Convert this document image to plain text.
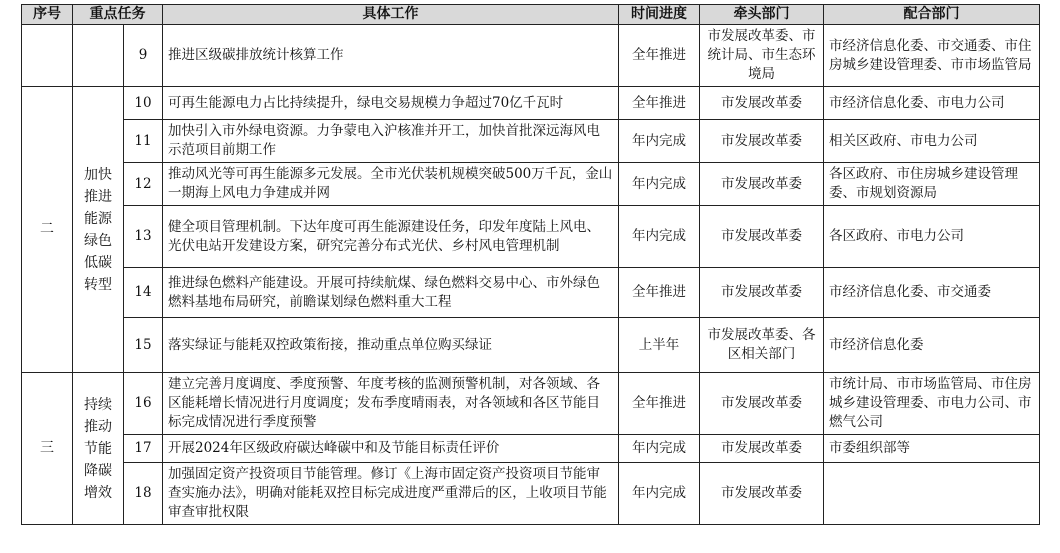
序号	重点任务		具体工作	时间进度	牵头部门	配合部门
		9	推进区级碳排放统计核算工作	全年推进	市发展改革委、市统计局、市生态环境局	市经济信息化委、市交通委、市住房城乡建设管理委、市市场监管局
二	加快推进能源绿色低碳转型	10	可再生能源电力占比持续提升，绿电交易规模力争超过70亿千瓦时	全年推进	市发展改革委	市经济信息化委、市电力公司
		11	加快引入市外绿电资源。力争蒙电入沪核准并开工，加快首批深远海风电示范项目前期工作	年内完成	市发展改革委	相关区政府、市电力公司
		12	推动风光等可再生能源多元发展。全市光伏装机规模突破500万千瓦，金山一期海上风电力争建成并网	年内完成	市发展改革委	各区政府、市住房城乡建设管理委、市规划资源局
		13	健全项目管理机制。下达年度可再生能源建设任务，印发年度陆上风电、光伏电站开发建设方案，研究完善分布式光伏、乡村风电管理机制	年内完成	市发展改革委	各区政府、市电力公司
		14	推进绿色燃料产能建设。开展可持续航煤、绿色燃料交易中心、市外绿色燃料基地布局研究，前瞻谋划绿色燃料重大工程	全年推进	市发展改革委	市经济信息化委、市交通委
		15	落实绿证与能耗双控政策衔接，推动重点单位购买绿证	上半年	市发展改革委、各区相关部门	市经济信息化委
三	持续推动节能降碳增效	16	建立完善月度调度、季度预警、年度考核的监测预警机制，对各领域、各区能耗增长情况进行月度调度；发布季度晴雨表，对各领域和各区节能目标完成情况进行季度预警	全年推进	市发展改革委	市统计局、市市场监管局、市住房城乡建设管理委、市电力公司、市燃气公司
		17	开展2024年区级政府碳达峰碳中和及节能目标责任评价	年内完成	市发展改革委	市委组织部等
		18	加强固定资产投资项目节能管理。修订《上海市固定资产投资项目节能审查实施办法》，明确对能耗双控目标完成进度严重滞后的区，上收项目节能审查审批权限	年内完成	市发展改革委	
